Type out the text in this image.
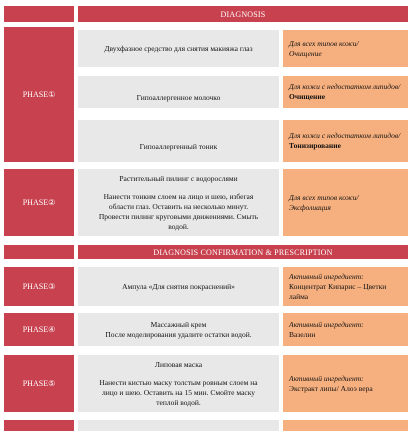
DIAGNOSIS
PHASE①
Двухфазное средство для снятия макияжа глаз
Для всех типов кожи/
Очищение
Гипоаллергенное молочко
Для кожи с недостатком липидов/
Очищение
Гипоаллергенный тоник
Для кожи с недостатком липидов/
Тонизирование
PHASE②
Растительный пилинг с водорослями
Нанести тонким слоем на лицо и шею, избегая
области глаз. Оставить на несколько минут.
Провести пилинг круговыми движениями. Смыть
водой.
Для всех типов кожи/
Эксфолиация
DIAGNOSIS CONFIRMATION & PRESCRIPTION
PHASE③	Ампула «Для снятия покраснений»
Активный ингредиент:
Концентрат Кипарис – Цветки лайма
PHASE④
Массажный крем
После моделирования удалите остатки водой.
Активный ингредиент:
Вазелин
PHASE⑤
Липовая маска
Нанести кистью маску толстым ровным слоем на
лицо и шею. Оставить на 15 мин. Смойте маску
теплой водой.
Активный ингредиент:
Экстракт липы/ Алоэ вера
